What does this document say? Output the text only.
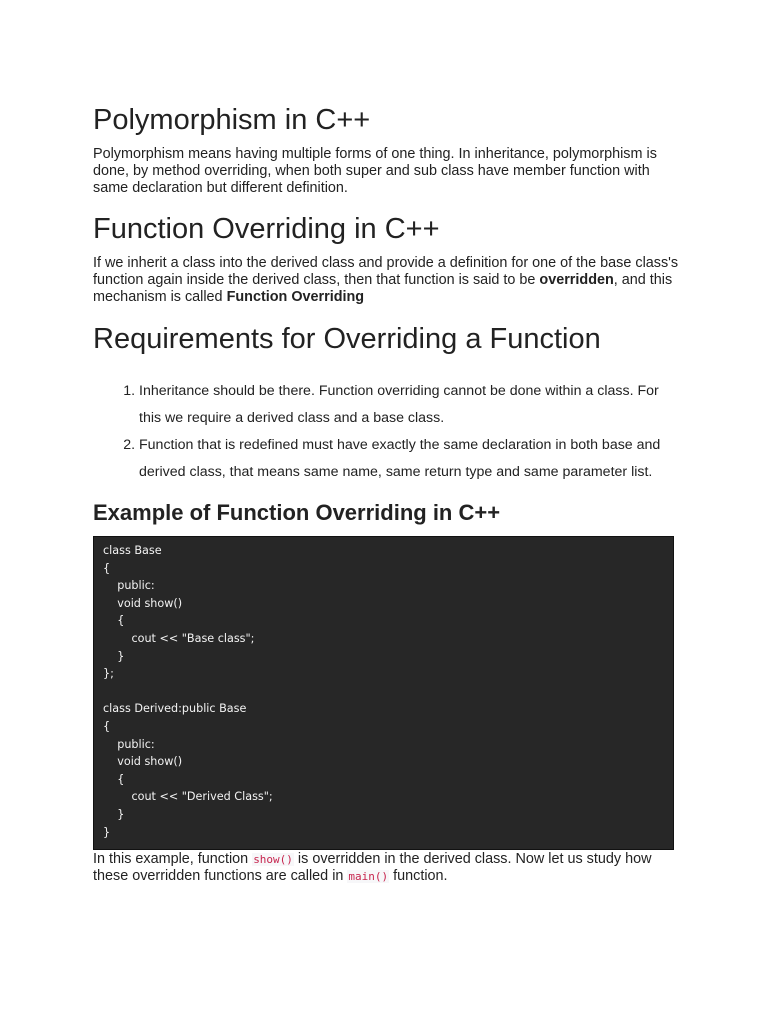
Polymorphism in C++

Polymorphism means having multiple forms of one thing. In inheritance, polymorphism is done, by method overriding, when both super and sub class have member function with same declaration but different definition.

Function Overriding in C++

If we inherit a class into the derived class and provide a definition for one of the base class's function again inside the derived class, then that function is said to be overridden, and this mechanism is called Function Overriding

Requirements for Overriding a Function
1. Inheritance should be there. Function overriding cannot be done within a class. For this we require a derived class and a base class.
2. Function that is redefined must have exactly the same declaration in both base and derived class, that means same name, same return type and same parameter list.
Example of Function Overriding in C++
class Base
{
public:
void show()
{
cout << "Base class";
}
};
class Derived:public Base
{
public:
void show()
{
cout << "Derived Class";
}
}

In this example, function show() is overridden in the derived class. Now let us study how these overridden functions are called in main() function.
